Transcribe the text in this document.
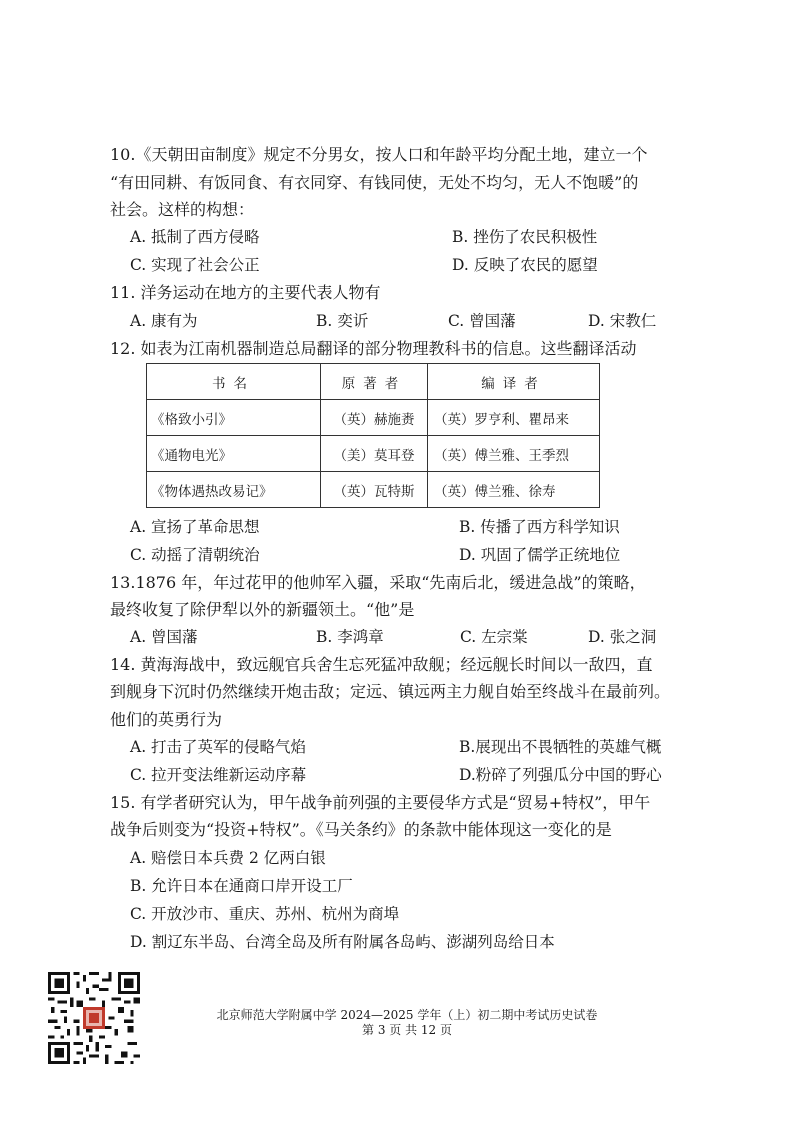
10.《天朝田亩制度》规定不分男女，按人口和年龄平均分配土地，建立一个
“有田同耕、有饭同食、有衣同穿、有钱同使，无处不均匀，无人不饱暖”的
社会。这样的构想：
A. 抵制了西方侵略	B. 挫伤了农民积极性
C. 实现了社会公正	D. 反映了农民的愿望
11. 洋务运动在地方的主要代表人物有
A. 康有为	B. 奕䜣	C. 曾国藩	D. 宋教仁
12. 如表为江南机器制造总局翻译的部分物理教科书的信息。这些翻译活动
书名	原著者	编译者
《格致小引》	（英）赫施赉	（英）罗亨利、瞿昂来
《通物电光》	（美）莫耳登	（英）傅兰雅、王季烈
《物体遇热改易记》	（英）瓦特斯	（英）傅兰雅、徐寿
A. 宣扬了革命思想	B. 传播了西方科学知识
C. 动摇了清朝统治	D. 巩固了儒学正统地位
13.1876 年，年过花甲的他帅军入疆，采取“先南后北，缓进急战”的策略，
最终收复了除伊犁以外的新疆领土。“他”是
A. 曾国藩	B. 李鸿章	C. 左宗棠	D. 张之洞
14. 黄海海战中，致远舰官兵舍生忘死猛冲敌舰；经远舰长时间以一敌四，直
到舰身下沉时仍然继续开炮击敌；定远、镇远两主力舰自始至终战斗在最前列。
他们的英勇行为
A. 打击了英军的侵略气焰	B.展现出不畏牺牲的英雄气概
C. 拉开变法维新运动序幕	D.粉碎了列强瓜分中国的野心
15. 有学者研究认为，甲午战争前列强的主要侵华方式是“贸易+特权”，甲午
战争后则变为“投资+特权”。《马关条约》的条款中能体现这一变化的是
A. 赔偿日本兵费 2 亿两白银
B. 允许日本在通商口岸开设工厂
C. 开放沙市、重庆、苏州、杭州为商埠
D. 割辽东半岛、台湾全岛及所有附属各岛屿、澎湖列岛给日本
北京师范大学附属中学 2024—2025 学年（上）初二期中考试历史试卷
第 3 页 共 12 页
